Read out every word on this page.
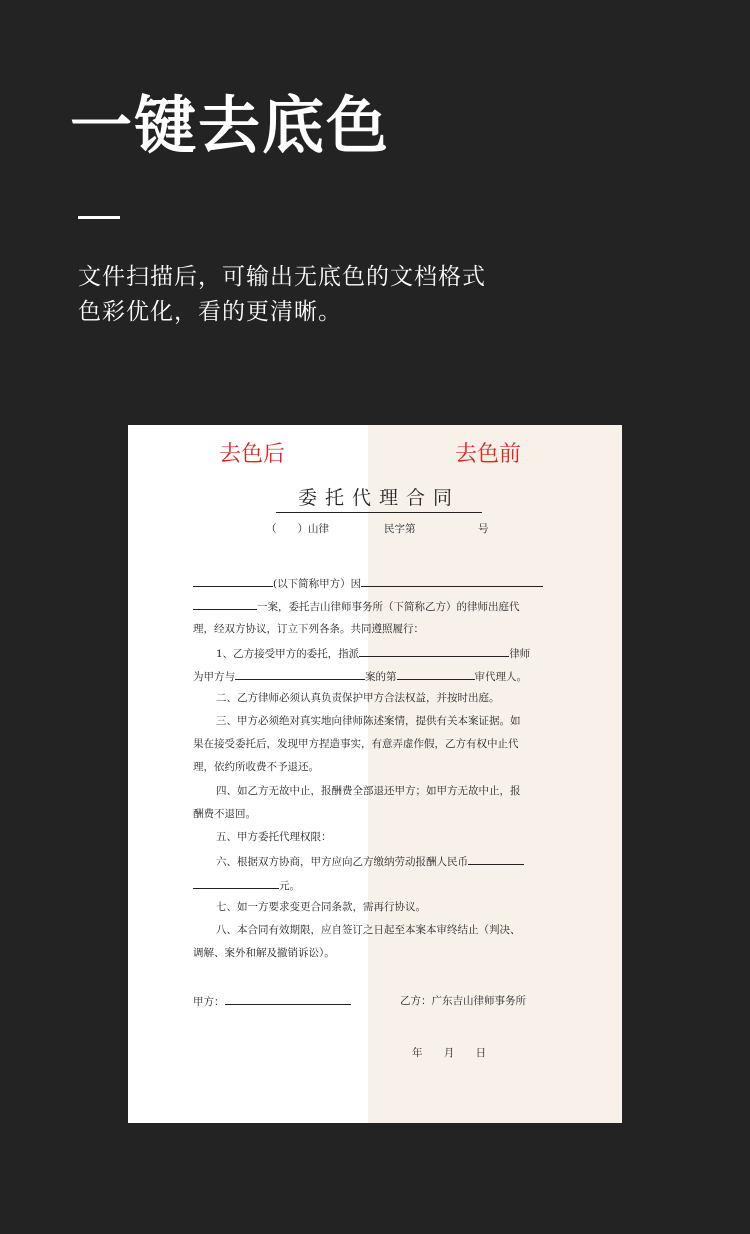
一键去底色
文件扫描后，可输出无底色的文档格式
色彩优化，看的更清晰。
去色后	去色前
委托代理合同
（　　）山律	民字第	号
(以下简称甲方）因
一案，委托吉山律师事务所（下简称乙方）的律师出庭代
理，经双方协议，订立下列各条。共同遵照履行：
1、乙方接受甲方的委托，指派	律师
为甲方与	案的第	审代理人。
二、乙方律师必须认真负责保护甲方合法权益，并按时出庭。
三、甲方必须绝对真实地向律师陈述案情，提供有关本案证据。如
果在接受委托后，发现甲方捏造事实，有意弄虚作假，乙方有权中止代
理，依约所收费不予退还。
四、如乙方无故中止，报酬费全部退还甲方；如甲方无故中止，报
酬费不退回。
五、甲方委托代理权限：
六、根据双方协商，甲方应向乙方缴纳劳动报酬人民币
元。
七、如一方要求变更合同条款，需再行协议。
八、本合同有效期限，应自签订之日起至本案本审终结止（判决、
调解、案外和解及撤销诉讼）。
甲方：	乙方：广东吉山律师事务所
年 月 日
